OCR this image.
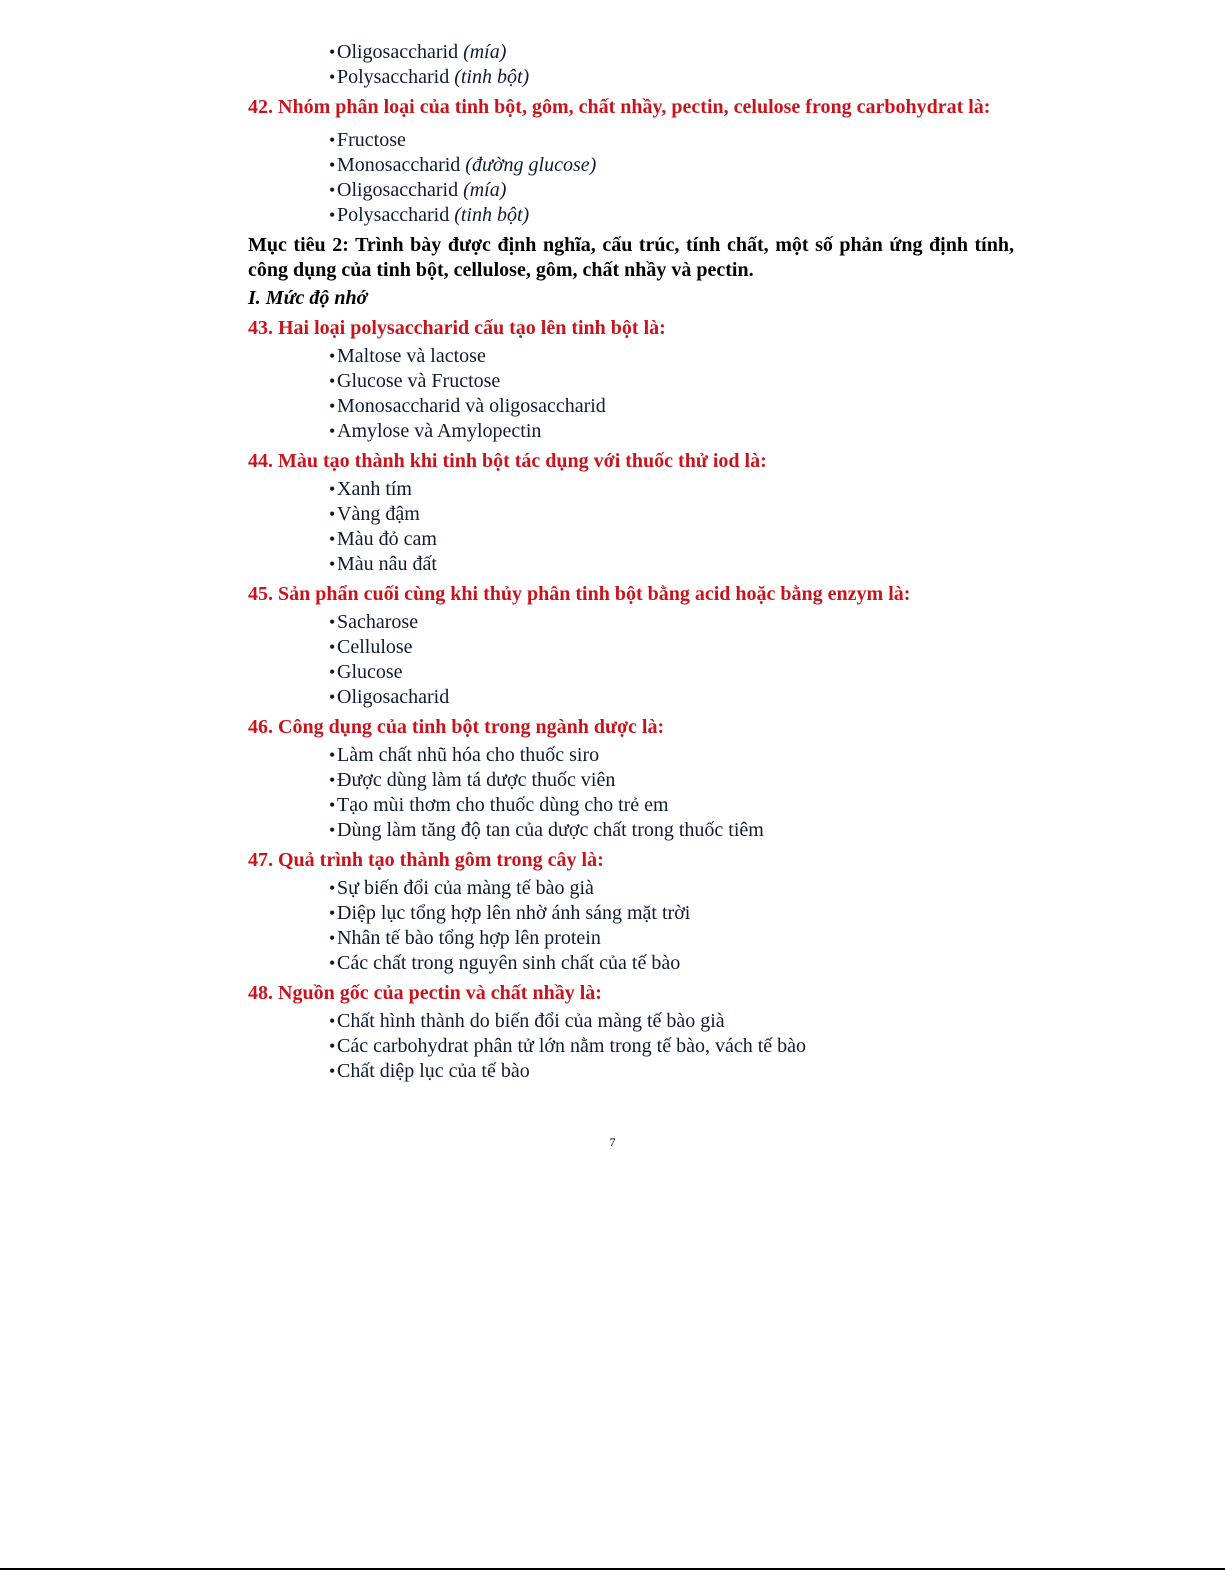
•Oligosaccharid (mía)
•Polysaccharid (tinh bột)
42. Nhóm phân loại của tinh bột, gôm, chất nhầy, pectin, celulose frong carbohydrat là:
•Fructose
•Monosaccharid (đường glucose)
•Oligosaccharid (mía)
•Polysaccharid (tinh bột)
Mục tiêu 2: Trình bày được định nghĩa, cấu trúc, tính chất, một số phản ứng định tính, công dụng của tinh bột, cellulose, gôm, chất nhầy và pectin.
I. Mức độ nhớ
43. Hai loại polysaccharid cấu tạo lên tinh bột là:
•Maltose và lactose
•Glucose và Fructose
•Monosaccharid và oligosaccharid
•Amylose và Amylopectin
44. Màu tạo thành khi tinh bột tác dụng với thuốc thử iod là:
•Xanh tím
•Vàng đậm
•Màu đỏ cam
•Màu nâu đất
45. Sản phẩn cuối cùng khi thủy phân tinh bột bằng acid hoặc bằng enzym là:
•Sacharose
•Cellulose
•Glucose
•Oligosacharid
46. Công dụng của tinh bột trong ngành dược là:
•Làm chất nhũ hóa cho thuốc siro
•Được dùng làm tá dược thuốc viên
•Tạo mùi thơm cho thuốc dùng cho trẻ em
•Dùng làm tăng độ tan của dược chất trong thuốc tiêm
47. Quả trình tạo thành gôm trong cây là:
•Sự biến đổi của màng tế bào già
•Diệp lục tổng hợp lên nhờ ánh sáng mặt trời
•Nhân tế bào tổng hợp lên protein
•Các chất trong nguyên sinh chất của tế bào
48. Nguồn gốc của pectin và chất nhầy là:
•Chất hình thành do biến đổi của màng tế bào già
•Các carbohydrat phân tử lớn nằm trong tế bào, vách tế bào
•Chất diệp lục của tế bào
7
